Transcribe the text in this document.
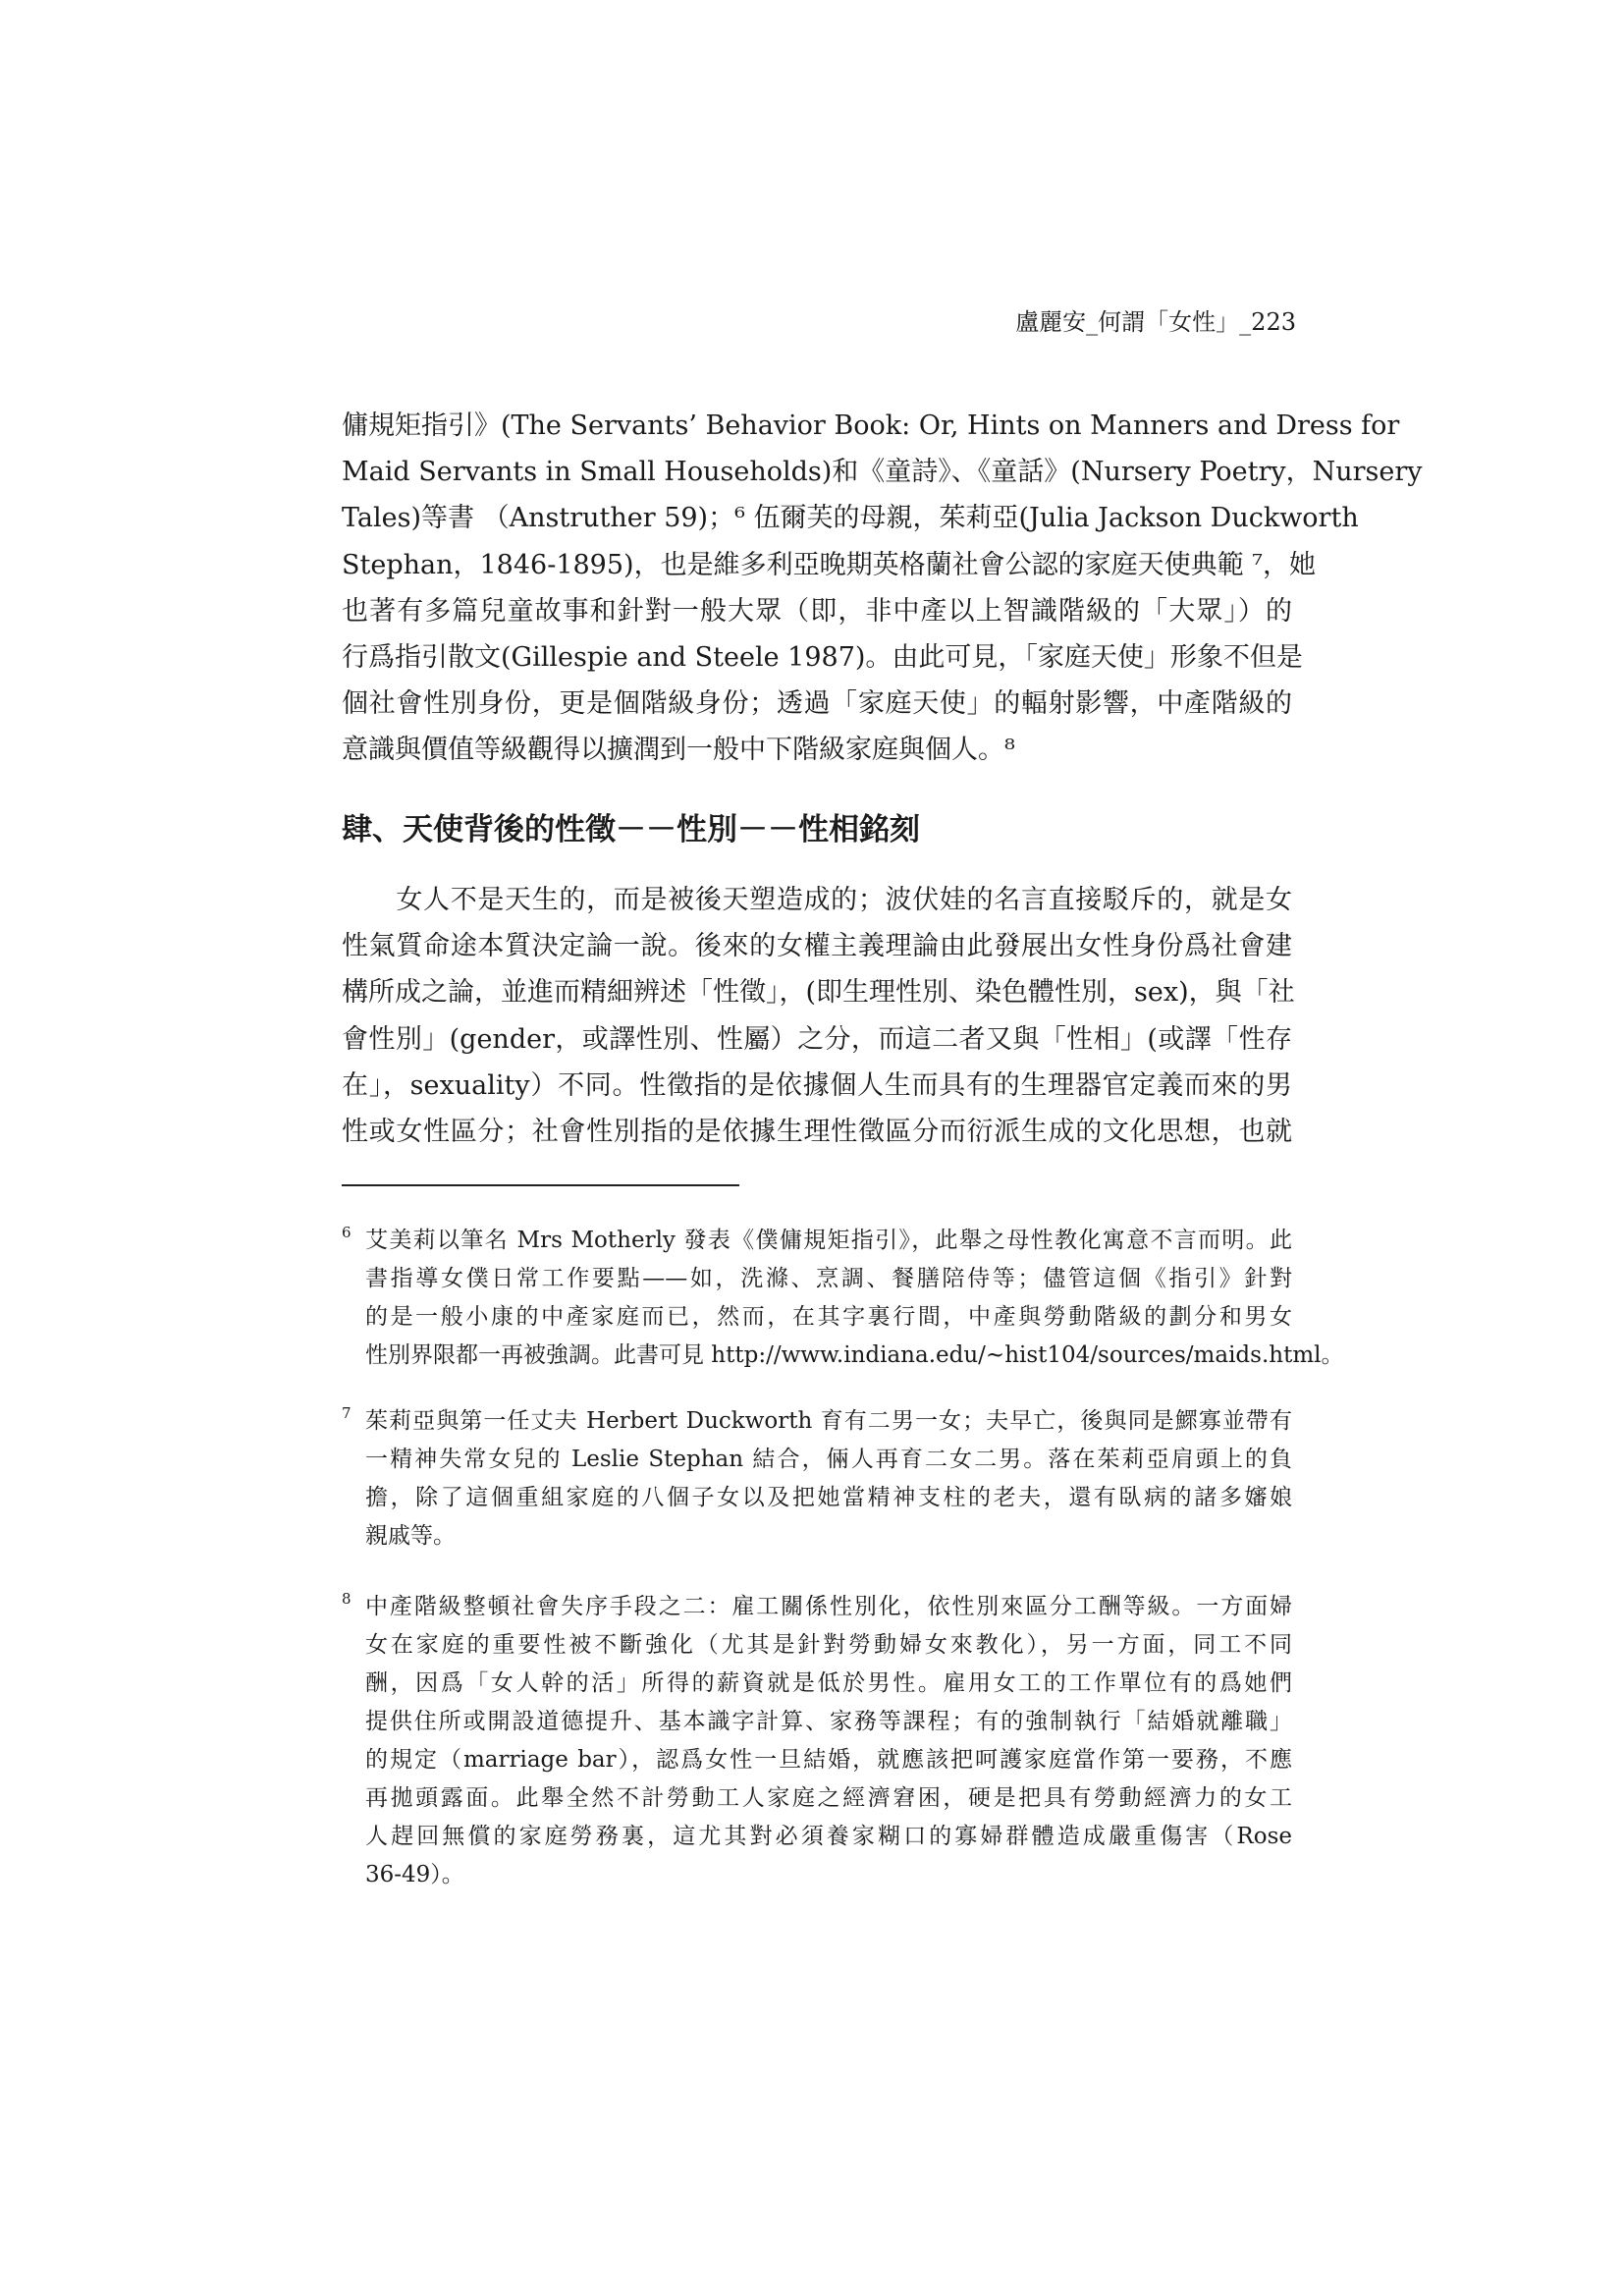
盧麗安_何謂「女性」_223
傭規矩指引》(The Servants’ Behavior Book: Or, Hints on Manners and Dress for
Maid Servants in Small Households)和《童詩》、《童話》(Nursery Poetry，Nursery
Tales)等書 （Anstruther 59)；⁶ 伍爾芙的母親，茱莉亞(Julia Jackson Duckworth
Stephan，1846-1895)，也是維多利亞晚期英格蘭社會公認的家庭天使典範 ⁷，她
也著有多篇兒童故事和針對一般大眾（即，非中產以上智識階級的「大眾」）的
行爲指引散文(Gillespie and Steele 1987)。由此可見，「家庭天使」形象不但是
個社會性別身份，更是個階級身份；透過「家庭天使」的輻射影響，中產階級的
意識與價值等級觀得以擴潤到一般中下階級家庭與個人。⁸
肆、天使背後的性徵－－性別－－性相銘刻
　　女人不是天生的，而是被後天塑造成的；波伏娃的名言直接駁斥的，就是女
性氣質命途本質決定論一說。後來的女權主義理論由此發展出女性身份爲社會建
構所成之論，並進而精細辨述「性徵」，(即生理性別、染色體性別，sex)，與「社
會性別」(gender，或譯性別、性屬）之分，而這二者又與「性相」(或譯「性存
在」，sexuality）不同。性徵指的是依據個人生而具有的生理器官定義而來的男
性或女性區分；社會性別指的是依據生理性徵區分而衍派生成的文化思想，也就
6 艾美莉以筆名 Mrs Motherly 發表《僕傭規矩指引》，此舉之母性教化寓意不言而明。此
書指導女僕日常工作要點——如，洗滌、烹調、餐膳陪侍等；儘管這個《指引》針對
的是一般小康的中產家庭而已，然而，在其字裏行間，中產與勞動階級的劃分和男女
性別界限都一再被強調。此書可見 http://www.indiana.edu/~hist104/sources/maids.html。
7 茱莉亞與第一任丈夫 Herbert Duckworth 育有二男一女；夫早亡，後與同是鰥寡並帶有
一精神失常女兒的 Leslie Stephan 結合，倆人再育二女二男。落在茱莉亞肩頭上的負
擔，除了這個重組家庭的八個子女以及把她當精神支柱的老夫，還有臥病的諸多嬸娘
親戚等。
8 中產階級整頓社會失序手段之二：雇工關係性別化，依性別來區分工酬等級。一方面婦
女在家庭的重要性被不斷強化（尤其是針對勞動婦女來教化），另一方面，同工不同
酬，因爲「女人幹的活」所得的薪資就是低於男性。雇用女工的工作單位有的爲她們
提供住所或開設道德提升、基本識字計算、家務等課程；有的強制執行「結婚就離職」
的規定（marriage bar），認爲女性一旦結婚，就應該把呵護家庭當作第一要務，不應
再拋頭露面。此舉全然不計勞動工人家庭之經濟窘困，硬是把具有勞動經濟力的女工
人趕回無償的家庭勞務裏，這尤其對必須養家糊口的寡婦群體造成嚴重傷害（Rose
36-49）。
